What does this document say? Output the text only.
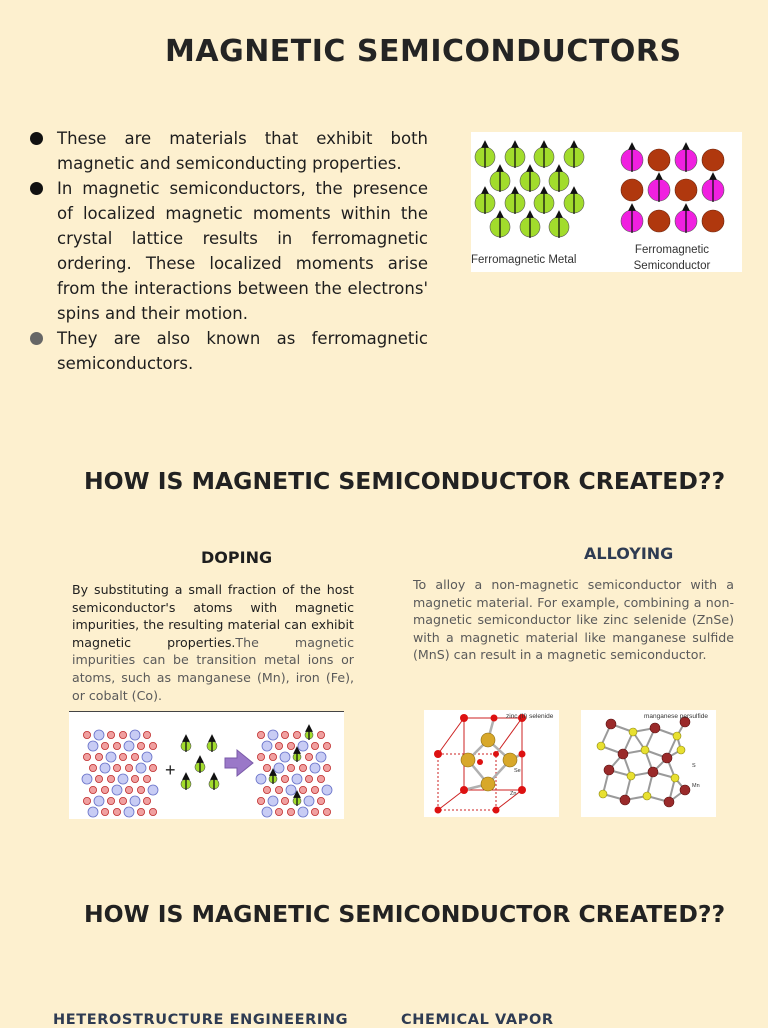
MAGNETIC SEMICONDUCTORS
These are materials that exhibit both magnetic and semiconducting properties.
In magnetic semiconductors, the presence of localized magnetic moments within the crystal lattice results in ferromagnetic ordering. These localized moments arise from the interactions between the electrons' spins and their motion.
They are also known as ferromagnetic semiconductors.
Ferromagnetic Metal
Ferromagnetic
Semiconductor
HOW IS MAGNETIC SEMICONDUCTOR CREATED??
DOPING
By substituting a small fraction of the host semiconductor's atoms with magnetic impurities, the resulting material can exhibit magnetic properties.The magnetic impurities can be transition metal ions or atoms, such as manganese (Mn), iron (Fe), or cobalt (Co).
+
ALLOYING
To alloy a non-magnetic semiconductor with a magnetic material. For example, combining a non-magnetic semiconductor like zinc selenide (ZnSe) with a magnetic material like manganese sulfide (MnS) can result in a magnetic semiconductor.
zinc (II) selenide
Se
Zn
manganese persulfide
S
Mn
HOW IS MAGNETIC SEMICONDUCTOR CREATED??
HETEROSTRUCTURE ENGINEERING	CHEMICAL VAPOR
